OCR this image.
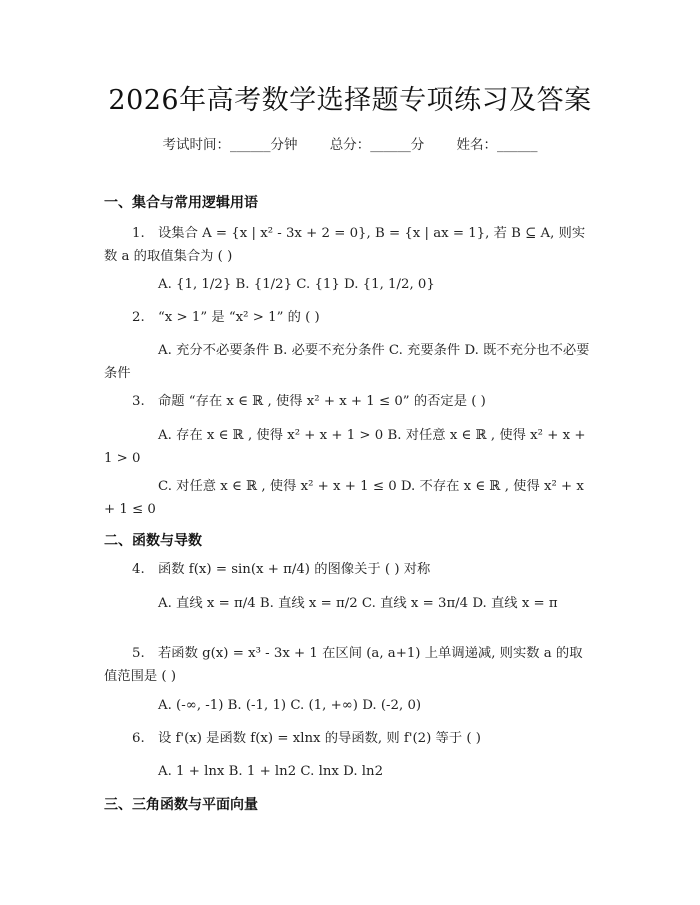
2026年高考数学选择题专项练习及答案
考试时间：______分钟 总分：______分 姓名：______
一、集合与常用逻辑用语
1.　设集合 A = {x | x² - 3x + 2 = 0}, B = {x | ax = 1}, 若 B ⊆ A, 则实数 a 的取值集合为 ( )
A. {1, 1/2} B. {1/2} C. {1} D. {1, 1/2, 0}
2.　“x > 1” 是 “x² > 1” 的 ( )
A. 充分不必要条件 B. 必要不充分条件 C. 充要条件 D. 既不充分也不必要条件
3.　命题 “存在 x ∈ ℝ , 使得 x² + x + 1 ≤ 0” 的否定是 ( )
A. 存在 x ∈ ℝ , 使得 x² + x + 1 > 0 B. 对任意 x ∈ ℝ , 使得 x² + x + 1 > 0
C. 对任意 x ∈ ℝ , 使得 x² + x + 1 ≤ 0 D. 不存在 x ∈ ℝ , 使得 x² + x + 1 ≤ 0
二、函数与导数
4.　函数 f(x) = sin(x + π/4) 的图像关于 ( ) 对称
A. 直线 x = π/4 B. 直线 x = π/2 C. 直线 x = 3π/4 D. 直线 x = π
5.　若函数 g(x) = x³ - 3x + 1 在区间 (a, a+1) 上单调递减, 则实数 a 的取值范围是 ( )
A. (-∞, -1) B. (-1, 1) C. (1, +∞) D. (-2, 0)
6.　设 f'(x) 是函数 f(x) = xlnx 的导函数, 则 f'(2) 等于 ( )
A. 1 + lnx B. 1 + ln2 C. lnx D. ln2
三、三角函数与平面向量
